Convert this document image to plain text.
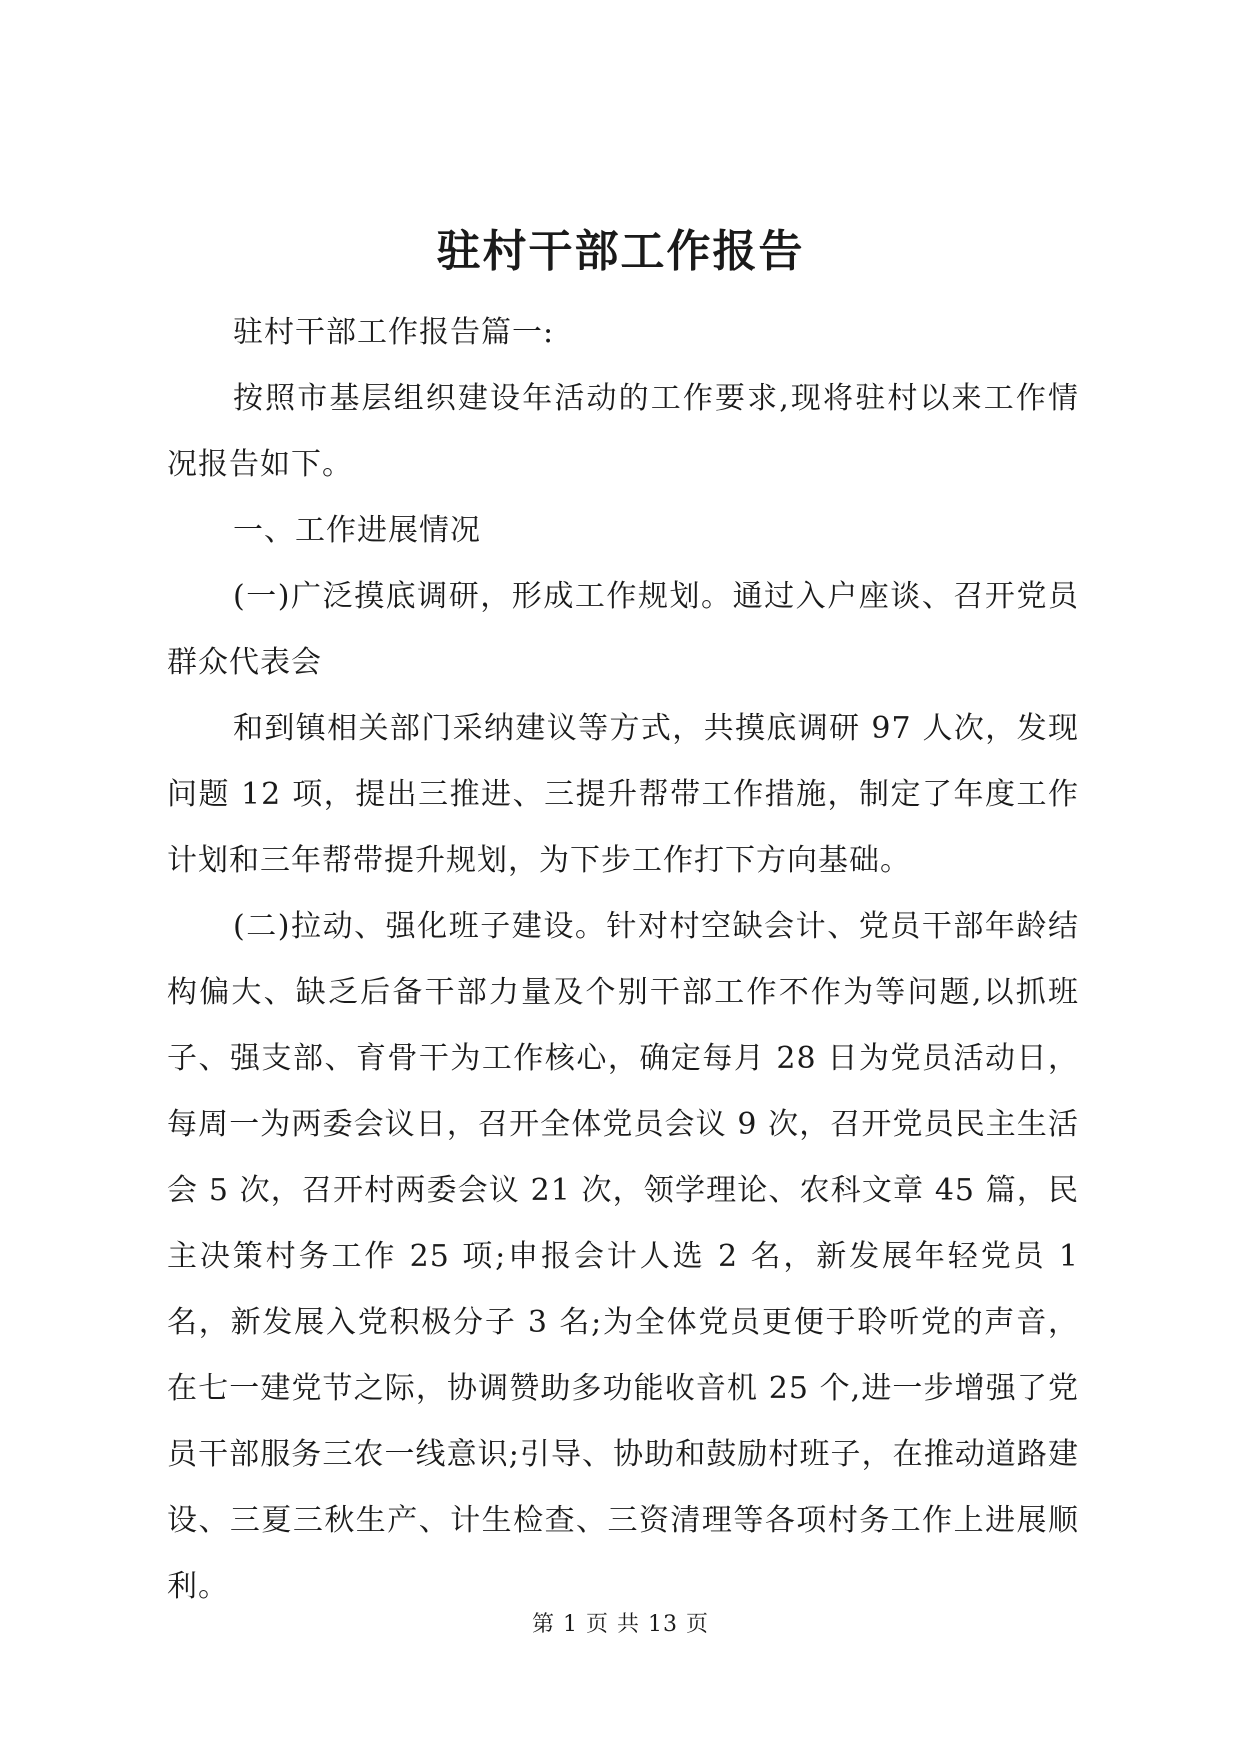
驻村干部工作报告

驻村干部工作报告篇一:

按照市基层组织建设年活动的工作要求,现将驻村以来工作情况报告如下。

一、工作进展情况

(一)广泛摸底调研，形成工作规划。通过入户座谈、召开党员群众代表会

和到镇相关部门采纳建议等方式，共摸底调研 97 人次，发现问题 12 项，提出三推进、三提升帮带工作措施，制定了年度工作计划和三年帮带提升规划，为下步工作打下方向基础。

(二)拉动、强化班子建设。针对村空缺会计、党员干部年龄结构偏大、缺乏后备干部力量及个别干部工作不作为等问题,以抓班子、强支部、育骨干为工作核心，确定每月 28 日为党员活动日，每周一为两委会议日，召开全体党员会议 9 次，召开党员民主生活会 5 次，召开村两委会议 21 次，领学理论、农科文章 45 篇，民主决策村务工作 25 项;申报会计人选 2 名，新发展年轻党员 1 名，新发展入党积极分子 3 名;为全体党员更便于聆听党的声音，在七一建党节之际，协调赞助多功能收音机 25 个,进一步增强了党员干部服务三农一线意识;引导、协助和鼓励村班子，在推动道路建设、三夏三秋生产、计生检查、三资清理等各项村务工作上进展顺利。

第 1 页 共 13 页
